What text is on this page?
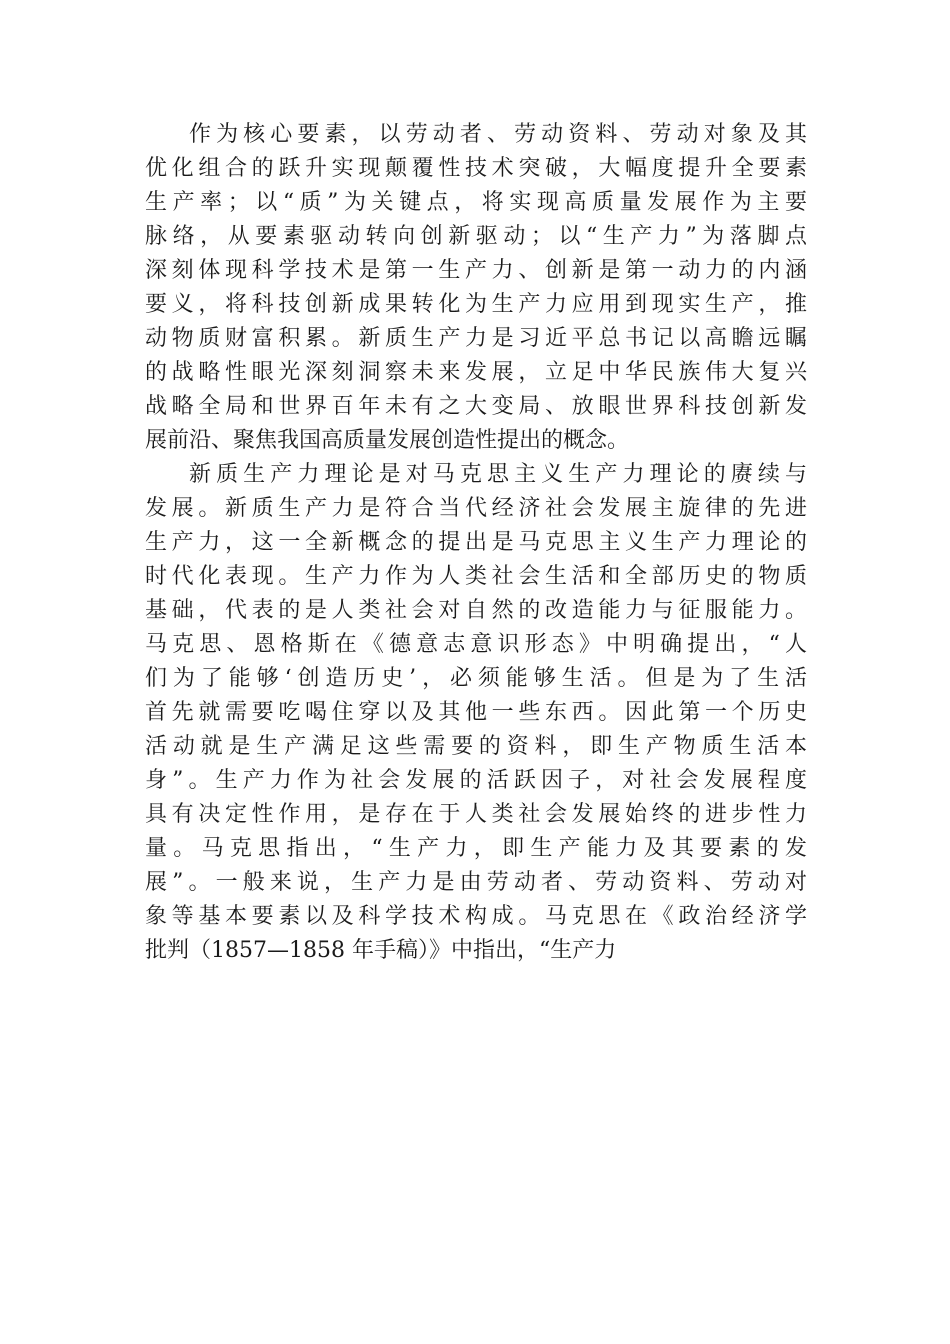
作为核心要素，以劳动者、劳动资料、劳动对象及其
优化组合的跃升实现颠覆性技术突破，大幅度提升全要素
生产率；以“质”为关键点，将实现高质量发展作为主要
脉络，从要素驱动转向创新驱动；以“生产力”为落脚点
深刻体现科学技术是第一生产力、创新是第一动力的内涵
要义，将科技创新成果转化为生产力应用到现实生产，推
动物质财富积累。新质生产力是习近平总书记以高瞻远瞩
的战略性眼光深刻洞察未来发展，立足中华民族伟大复兴
战略全局和世界百年未有之大变局、放眼世界科技创新发
展前沿、聚焦我国高质量发展创造性提出的概念。
新质生产力理论是对马克思主义生产力理论的赓续与
发展。新质生产力是符合当代经济社会发展主旋律的先进
生产力，这一全新概念的提出是马克思主义生产力理论的
时代化表现。生产力作为人类社会生活和全部历史的物质
基础，代表的是人类社会对自然的改造能力与征服能力。
马克思、恩格斯在《德意志意识形态》中明确提出，“人
们为了能够‘创造历史’，必须能够生活。但是为了生活
首先就需要吃喝住穿以及其他一些东西。因此第一个历史
活动就是生产满足这些需要的资料，即生产物质生活本
身”。生产力作为社会发展的活跃因子，对社会发展程度
具有决定性作用，是存在于人类社会发展始终的进步性力
量。马克思指出，“生产力，即生产能力及其要素的发
展”。一般来说，生产力是由劳动者、劳动资料、劳动对
象等基本要素以及科学技术构成。马克思在《政治经济学
批判（1857—1858 年手稿）》中指出，“生产力
